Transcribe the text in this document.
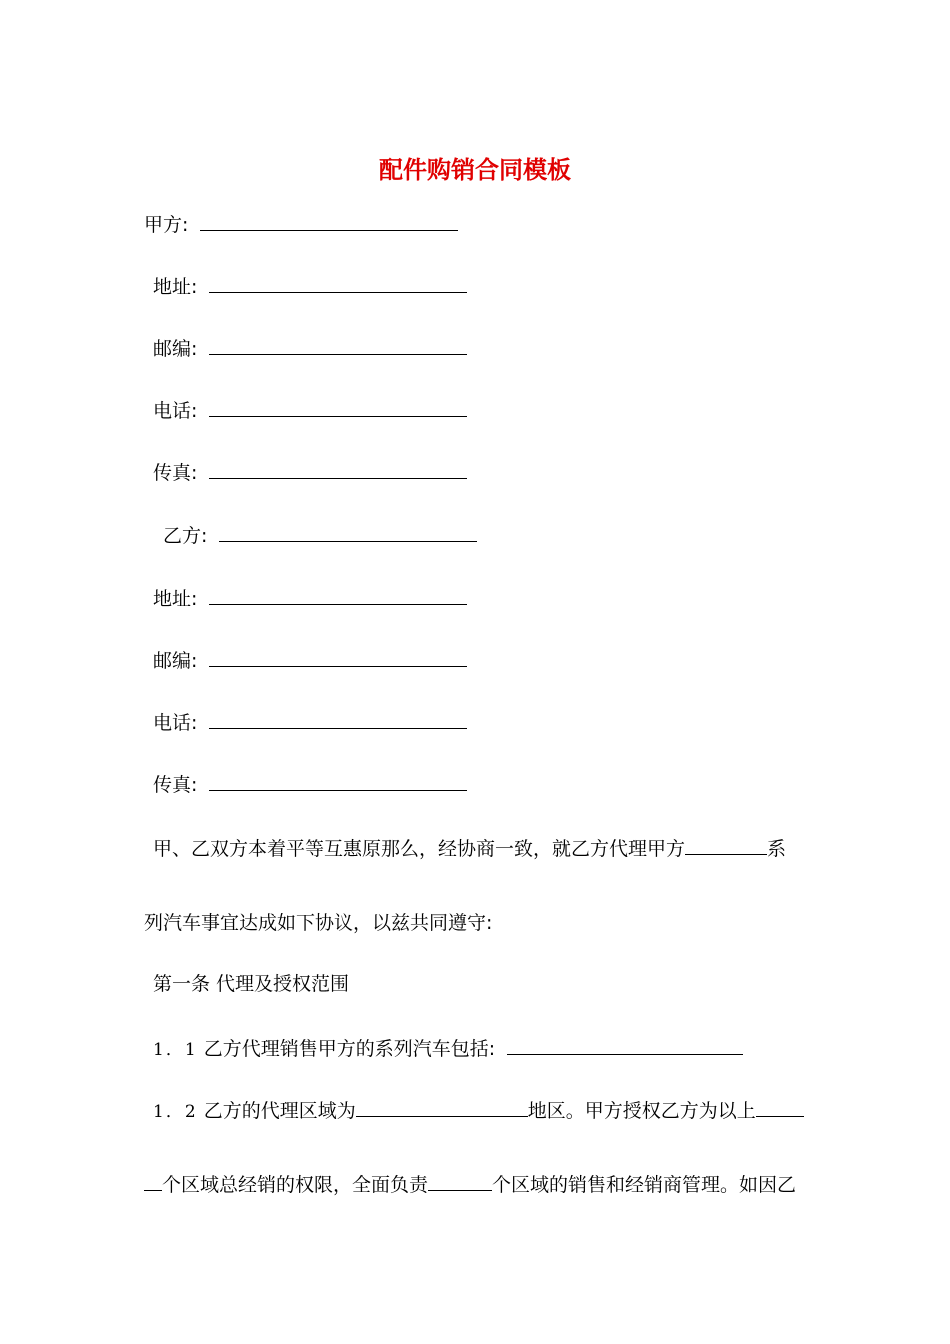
配件购销合同模板
甲方:
地址:
邮编:
电话:
传真:
乙方:
地址:
邮编:
电话:
传真:
甲、乙双方本着平等互惠原那么，经协商一致，就乙方代理甲方	系
列汽车事宜达成如下协议，以兹共同遵守:
第一条 代理及授权范围
1．1 乙方代理销售甲方的系列汽车包括:
1．2 乙方的代理区域为	地区。甲方授权乙方为以上
个区域总经销的权限，全面负责	个区域的销售和经销商管理。如因乙
